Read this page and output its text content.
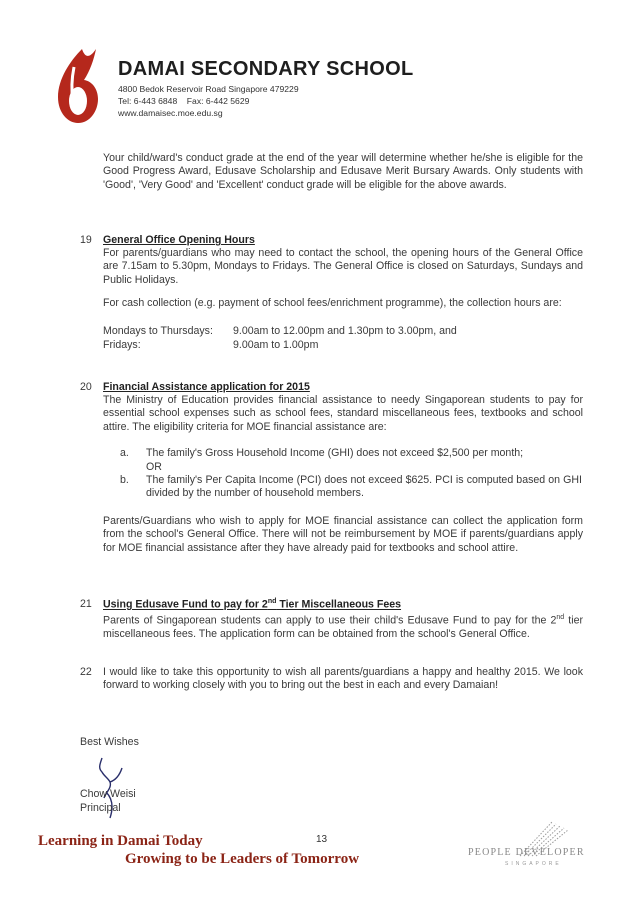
DAMAI SECONDARY SCHOOL
4800 Bedok Reservoir Road Singapore 479229
Tel: 6-443 6848    Fax: 6-442 5629
www.damaisec.moe.edu.sg
Your child/ward's conduct grade at the end of the year will determine whether he/she is eligible for the Good Progress Award, Edusave Scholarship and Edusave Merit Bursary Awards. Only students with 'Good', 'Very Good' and 'Excellent' conduct grade will be eligible for the above awards.
19 General Office Opening Hours
For parents/guardians who may need to contact the school, the opening hours of the General Office are 7.15am to 5.30pm, Mondays to Fridays. The General Office is closed on Saturdays, Sundays and Public Holidays.
For cash collection (e.g. payment of school fees/enrichment programme), the collection hours are:
Mondays to Thursdays: 9.00am to 12.00pm and 1.30pm to 3.00pm, and
Fridays:	9.00am to 1.00pm
20 Financial Assistance application for 2015
The Ministry of Education provides financial assistance to needy Singaporean students to pay for essential school expenses such as school fees, standard miscellaneous fees, textbooks and school attire. The eligibility criteria for MOE financial assistance are:
a. The family's Gross Household Income (GHI) does not exceed $2,500 per month;
OR
b. The family's Per Capita Income (PCI) does not exceed $625. PCI is computed based on GHI divided by the number of household members.
Parents/Guardians who wish to apply for MOE financial assistance can collect the application form from the school's General Office. There will not be reimbursement by MOE if parents/guardians apply for MOE financial assistance after they have already paid for textbooks and school attire.
21 Using Edusave Fund to pay for 2nd Tier Miscellaneous Fees
Parents of Singaporean students can apply to use their child's Edusave Fund to pay for the 2nd tier miscellaneous fees. The application form can be obtained from the school's General Office.
22 I would like to take this opportunity to wish all parents/guardians a happy and healthy 2015. We look forward to working closely with you to bring out the best in each and every Damaian!
Best Wishes
Chow Weisi
Principal
Learning in Damai Today
Growing to be Leaders of Tomorrow
13
PEOPLE DEVELOPER
SINGAPORE
